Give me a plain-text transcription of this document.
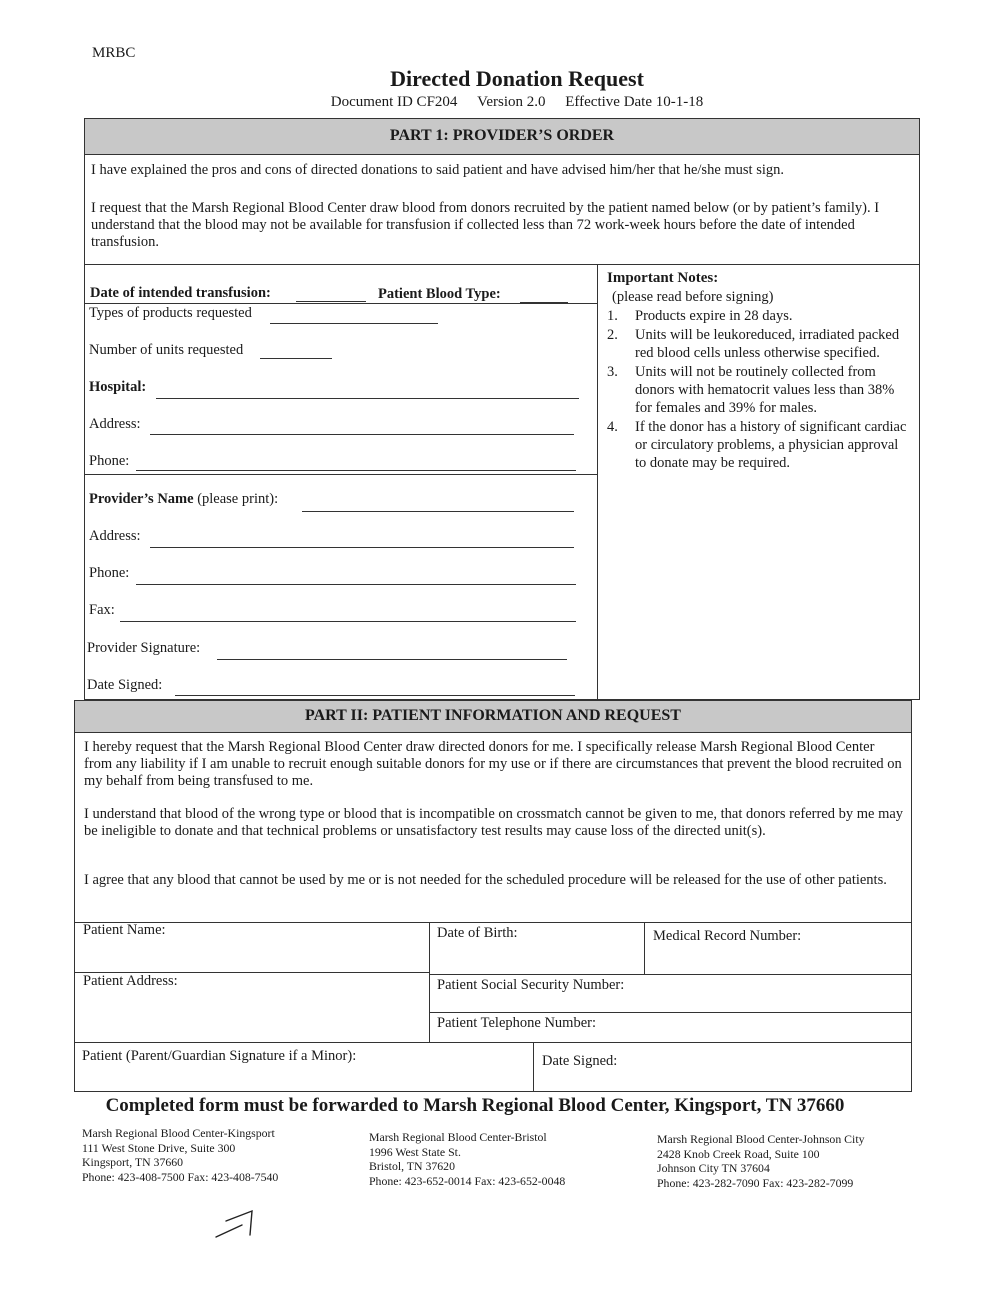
MRBC
Directed Donation Request
Document ID CF204 Version 2.0 Effective Date 10-1-18
PART 1: PROVIDER’S ORDER
I have explained the pros and cons of directed donations to said patient and have advised him/her that he/she must sign.
I request that the Marsh Regional Blood Center draw blood from donors recruited by the patient named below (or by patient’s family). I understand that the blood may not be available for transfusion if collected less than 72 work-week hours before the date of intended transfusion.
Date of intended transfusion:	Patient Blood Type:
Types of products requested
Number of units requested
Hospital:
Address:
Phone:
Provider’s Name (please print):
Address:
Phone:
Fax:
Provider Signature:
Date Signed:
Important Notes:
(please read before signing)
1.	Products expire in 28 days.
2.	Units will be leukoreduced, irradiated packed red blood cells unless otherwise specified.
3.	Units will not be routinely collected from donors with hematocrit values less than 38% for females and 39% for males.
4.	If the donor has a history of significant cardiac or circulatory problems, a physician approval to donate may be required.
PART II: PATIENT INFORMATION AND REQUEST
I hereby request that the Marsh Regional Blood Center draw directed donors for me. I specifically release Marsh Regional Blood Center from any liability if I am unable to recruit enough suitable donors for my use or if there are circumstances that prevent the blood recruited on my behalf from being transfused to me.
I understand that blood of the wrong type or blood that is incompatible on crossmatch cannot be given to me, that donors referred by me may be ineligible to donate and that technical problems or unsatisfactory test results may cause loss of the directed unit(s).
I agree that any blood that cannot be used by me or is not needed for the scheduled procedure will be released for the use of other patients.
Patient Name:	Date of Birth:	Medical Record Number:
Patient Address:	Patient Social Security Number:
Patient Telephone Number:
Patient (Parent/Guardian Signature if a Minor):	Date Signed:
Completed form must be forwarded to Marsh Regional Blood Center, Kingsport, TN 37660
Marsh Regional Blood Center-Kingsport
111 West Stone Drive, Suite 300
Kingsport, TN 37660
Phone: 423-408-7500 Fax: 423-408-7540
Marsh Regional Blood Center-Bristol
1996 West State St.
Bristol, TN 37620
Phone: 423-652-0014 Fax: 423-652-0048
Marsh Regional Blood Center-Johnson City
2428 Knob Creek Road, Suite 100
Johnson City TN 37604
Phone: 423-282-7090 Fax: 423-282-7099
